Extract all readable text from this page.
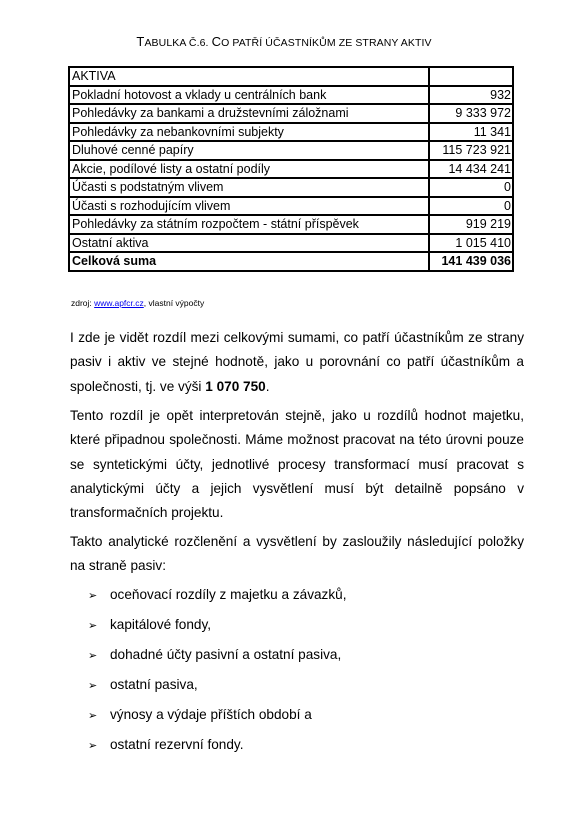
TABULKA Č.6. CO PATŘÍ ÚČASTNÍKŮM ZE STRANY AKTIV
AKTIVA	
Pokladní hotovost a vklady u centrálních bank	932
Pohledávky za bankami a družstevními záložnami	9 333 972
Pohledávky za nebankovními subjekty	11 341
Dluhové cenné papíry	115 723 921
Akcie, podílové listy a ostatní podíly	14 434 241
Účasti s podstatným vlivem	0
Účasti s rozhodujícím vlivem	0
Pohledávky za státním rozpočtem - státní příspěvek	919 219
Ostatní aktiva	1 015 410
Celková suma	141 439 036
zdroj: www.apfcr.cz, vlastní výpočty

I zde je vidět rozdíl mezi celkovými sumami, co patří účastníkům ze strany pasiv i aktiv ve stejné hodnotě, jako u porovnání co patří účastníkům a společnosti, tj. ve výši 1 070 750.

Tento rozdíl je opět interpretován stejně, jako u rozdílů hodnot majetku, které připadnou společnosti. Máme možnost pracovat na této úrovni pouze se syntetickými účty, jednotlivé procesy transformací musí pracovat s analytickými účty a jejich vysvětlení musí být detailně popsáno v transformačních projektu.

Takto analytické rozčlenění a vysvětlení by zasloužily následující položky na straně pasiv:

➢ oceňovací rozdíly z majetku a závazků,
➢ kapitálové fondy,
➢ dohadné účty pasivní a ostatní pasiva,
➢ ostatní pasiva,
➢ výnosy a výdaje příštích období a
➢ ostatní rezervní fondy.
